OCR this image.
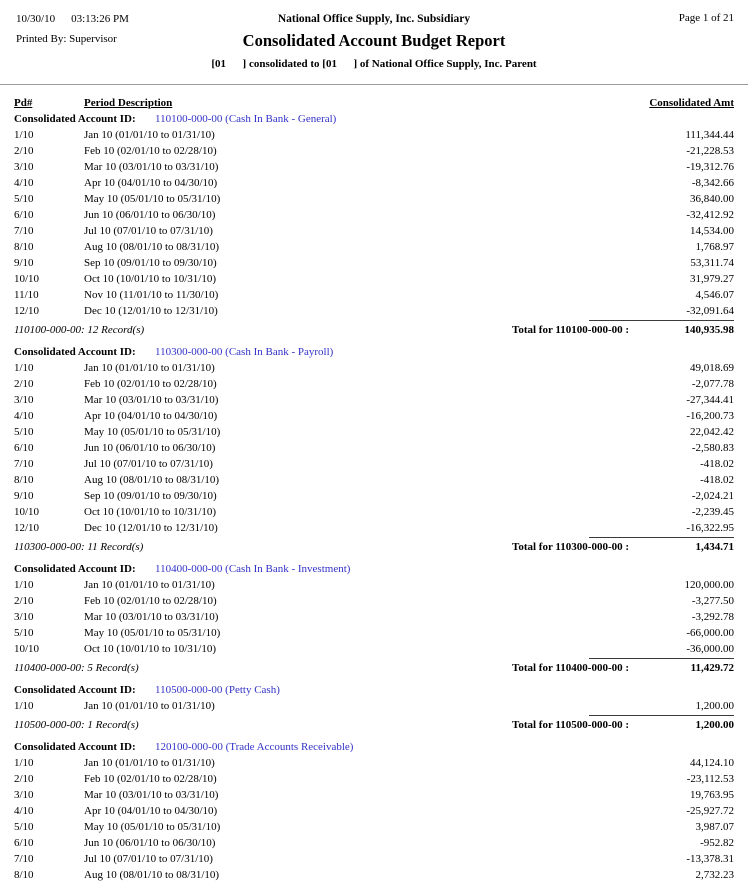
10/30/10 03:13:26 PM
Printed By: Supervisor
Page 1 of 21
National Office Supply, Inc. Subsidiary
Consolidated Account Budget Report
[01      ] consolidated to [01      ] of National Office Supply, Inc. Parent
Pd#	Period Description	Consolidated Amt
Consolidated Account ID: 110100-000-00 (Cash In Bank - General)
1/10	Jan 10 (01/01/10 to 01/31/10)	111,344.44
2/10	Feb 10 (02/01/10 to 02/28/10)	-21,228.53
3/10	Mar 10 (03/01/10 to 03/31/10)	-19,312.76
4/10	Apr 10 (04/01/10 to 04/30/10)	-8,342.66
5/10	May 10 (05/01/10 to 05/31/10)	36,840.00
6/10	Jun 10 (06/01/10 to 06/30/10)	-32,412.92
7/10	Jul 10 (07/01/10 to 07/31/10)	14,534.00
8/10	Aug 10 (08/01/10 to 08/31/10)	1,768.97
9/10	Sep 10 (09/01/10 to 09/30/10)	53,311.74
10/10	Oct 10 (10/01/10 to 10/31/10)	31,979.27
11/10	Nov 10 (11/01/10 to 11/30/10)	4,546.07
12/10	Dec 10 (12/01/10 to 12/31/10)	-32,091.64
110100-000-00: 12 Record(s)	Total for 110100-000-00 :	140,935.98
Consolidated Account ID: 110300-000-00 (Cash In Bank - Payroll)
1/10	Jan 10 (01/01/10 to 01/31/10)	49,018.69
2/10	Feb 10 (02/01/10 to 02/28/10)	-2,077.78
3/10	Mar 10 (03/01/10 to 03/31/10)	-27,344.41
4/10	Apr 10 (04/01/10 to 04/30/10)	-16,200.73
5/10	May 10 (05/01/10 to 05/31/10)	22,042.42
6/10	Jun 10 (06/01/10 to 06/30/10)	-2,580.83
7/10	Jul 10 (07/01/10 to 07/31/10)	-418.02
8/10	Aug 10 (08/01/10 to 08/31/10)	-418.02
9/10	Sep 10 (09/01/10 to 09/30/10)	-2,024.21
10/10	Oct 10 (10/01/10 to 10/31/10)	-2,239.45
12/10	Dec 10 (12/01/10 to 12/31/10)	-16,322.95
110300-000-00: 11 Record(s)	Total for 110300-000-00 :	1,434.71
Consolidated Account ID: 110400-000-00 (Cash In Bank - Investment)
1/10	Jan 10 (01/01/10 to 01/31/10)	120,000.00
2/10	Feb 10 (02/01/10 to 02/28/10)	-3,277.50
3/10	Mar 10 (03/01/10 to 03/31/10)	-3,292.78
5/10	May 10 (05/01/10 to 05/31/10)	-66,000.00
10/10	Oct 10 (10/01/10 to 10/31/10)	-36,000.00
110400-000-00: 5 Record(s)	Total for 110400-000-00 :	11,429.72
Consolidated Account ID: 110500-000-00 (Petty Cash)
1/10	Jan 10 (01/01/10 to 01/31/10)	1,200.00
110500-000-00: 1 Record(s)	Total for 110500-000-00 :	1,200.00
Consolidated Account ID: 120100-000-00 (Trade Accounts Receivable)
1/10	Jan 10 (01/01/10 to 01/31/10)	44,124.10
2/10	Feb 10 (02/01/10 to 02/28/10)	-23,112.53
3/10	Mar 10 (03/01/10 to 03/31/10)	19,763.95
4/10	Apr 10 (04/01/10 to 04/30/10)	-25,927.72
5/10	May 10 (05/01/10 to 05/31/10)	3,987.07
6/10	Jun 10 (06/01/10 to 06/30/10)	-952.82
7/10	Jul 10 (07/01/10 to 07/31/10)	-13,378.31
8/10	Aug 10 (08/01/10 to 08/31/10)	2,732.23
